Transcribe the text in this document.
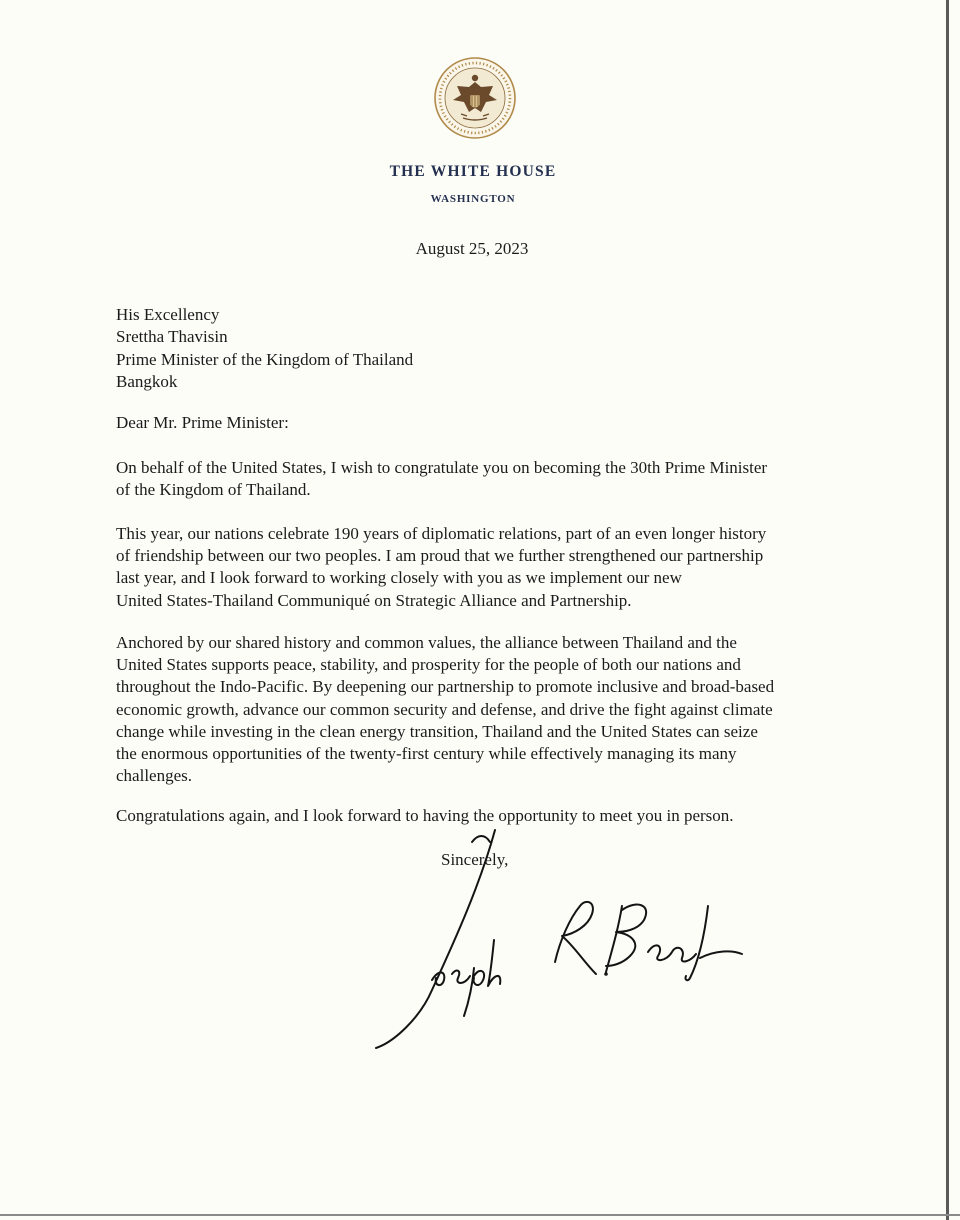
THE WHITE HOUSE
WASHINGTON
August 25, 2023
His Excellency
Srettha Thavisin
Prime Minister of the Kingdom of Thailand
Bangkok
Dear Mr. Prime Minister:
On behalf of the United States, I wish to congratulate you on becoming the 30th Prime Minister
of the Kingdom of Thailand.
This year, our nations celebrate 190 years of diplomatic relations, part of an even longer history
of friendship between our two peoples. I am proud that we further strengthened our partnership
last year, and I look forward to working closely with you as we implement our new
United States-Thailand Communiqué on Strategic Alliance and Partnership.
Anchored by our shared history and common values, the alliance between Thailand and the
United States supports peace, stability, and prosperity for the people of both our nations and
throughout the Indo-Pacific. By deepening our partnership to promote inclusive and broad-based
economic growth, advance our common security and defense, and drive the fight against climate
change while investing in the clean energy transition, Thailand and the United States can seize
the enormous opportunities of the twenty-first century while effectively managing its many
challenges.
Congratulations again, and I look forward to having the opportunity to meet you in person.
Sincerely,
